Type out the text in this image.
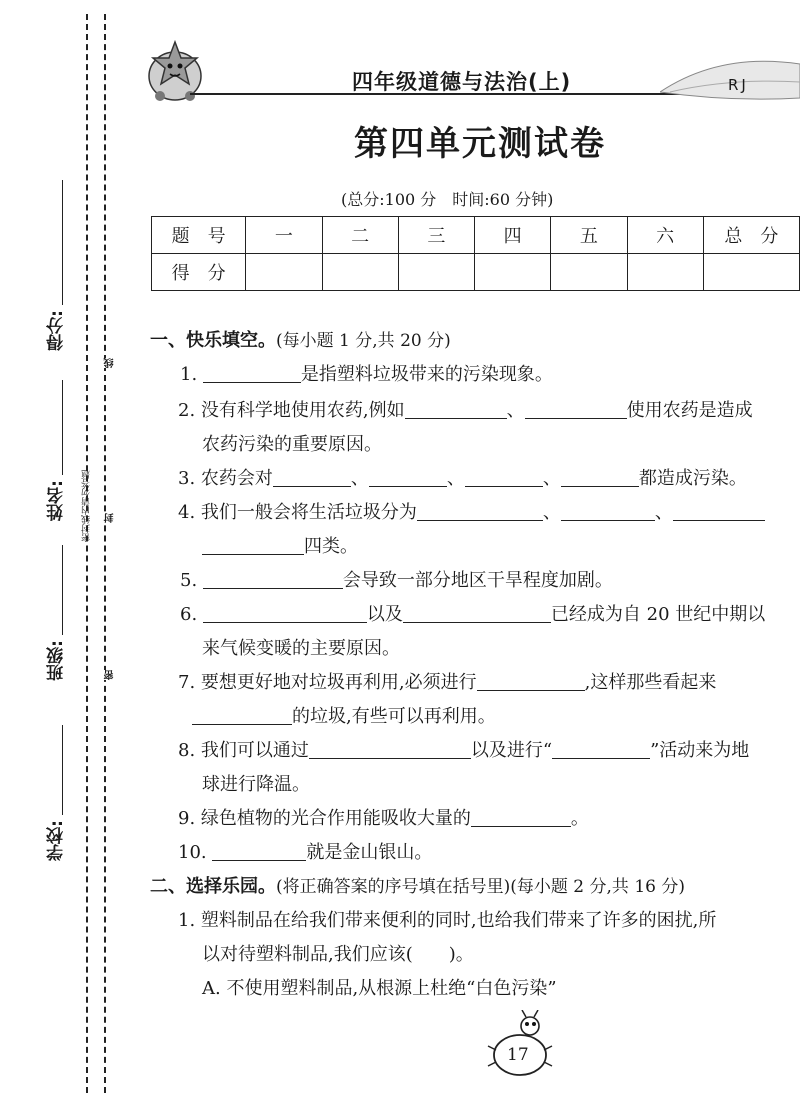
得分:
姓名:
班级:
学校:
密封线内请勿答题
线
封
密
四年级道德与法治(上)	RJ
第四单元测试卷
(总分:100 分　时间:60 分钟)
题　号	一	二	三	四	五	六	总　分
得　分							
一、快乐填空。(每小题 1 分,共 20 分)
1.	是指塑料垃圾带来的污染现象。
2. 没有科学地使用农药,例如	、	使用农药是造成
农药污染的重要原因。
3. 农药会对	、	、	、	都造成污染。
4. 我们一般会将生活垃圾分为	、	、
四类。
5.	会导致一部分地区干旱程度加剧。
6.	以及	已经成为自 20 世纪中期以
来气候变暖的主要原因。
7. 要想更好地对垃圾再利用,必须进行	,这样那些看起来
的垃圾,有些可以再利用。
8. 我们可以通过	以及进行“	”活动来为地
球进行降温。
9. 绿色植物的光合作用能吸收大量的	。
10.	就是金山银山。
二、选择乐园。(将正确答案的序号填在括号里)(每小题 2 分,共 16 分)
1. 塑料制品在给我们带来便利的同时,也给我们带来了许多的困扰,所
以对待塑料制品,我们应该(　　)。
A. 不使用塑料制品,从根源上杜绝“白色污染”
17
